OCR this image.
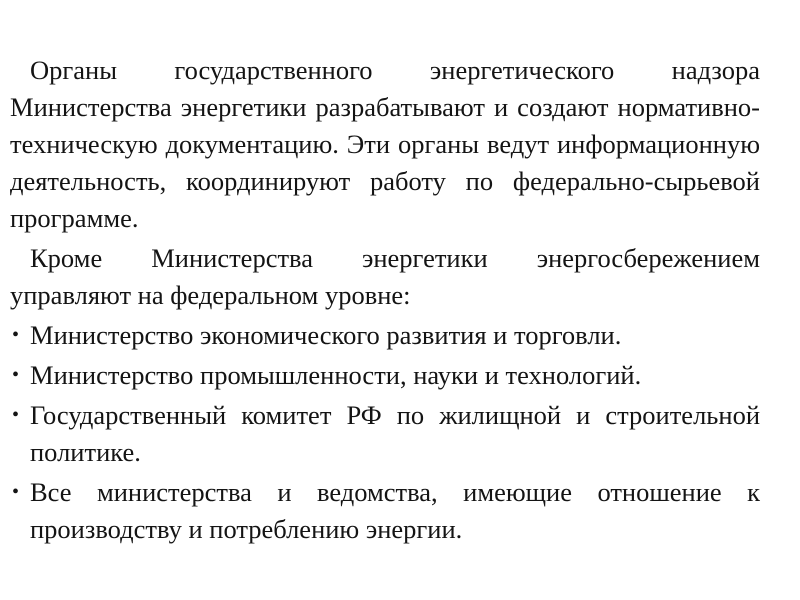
Органы государственного энергетического надзора Министерства энергетики разрабатывают и создают нормативно-техническую документацию. Эти органы ведут информационную деятельность, координируют работу по федерально-сырьевой программе.

Кроме Министерства энергетики энергосбережением управляют на федеральном уровне:

• Министерство экономического развития и торговли.
• Министерство промышленности, науки и технологий.
• Государственный комитет РФ по жилищной и строительной политике.
• Все министерства и ведомства, имеющие отношение к производству и потреблению энергии.
